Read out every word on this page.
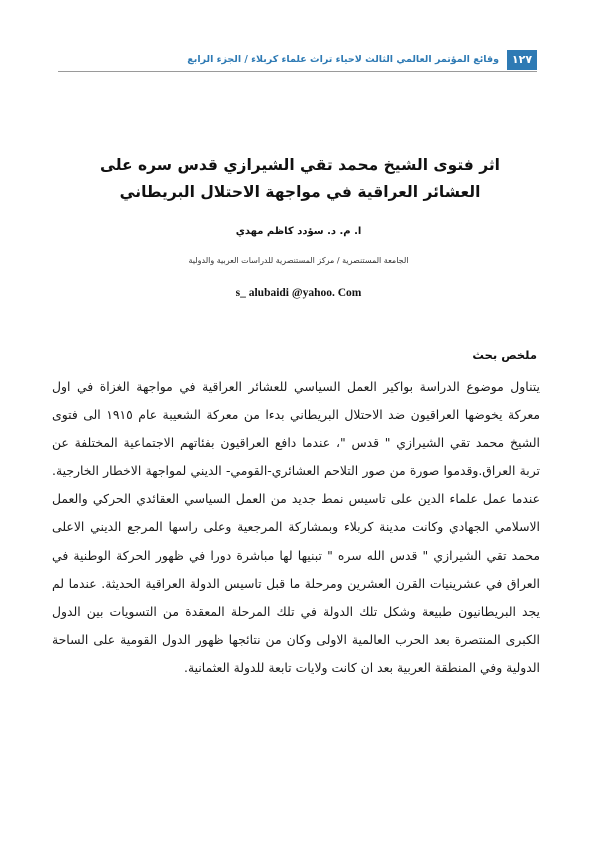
١٢٧
وقائع المؤتمر العالمي الثالث لاحياء تراث علماء كربلاء / الجزء الرابع
اثر فتوى الشيخ محمد تقي الشيرازي قدس سره على العشائر العراقية في مواجهة الاحتلال البريطاني
ا. م. د. سؤدد كاظم مهدي
الجامعة المستنصرية / مركز المستنصرية للدراسات العربية والدولية
s_ alubaidi @yahoo. Com
ملخص بحث
يتناول موضوع الدراسة بواكير العمل السياسي للعشائر العراقية في مواجهة الغزاة في اول معركة يخوضها العراقيون ضد الاحتلال البريطاني بدءا من معركة الشعيبة عام ١٩١٥ الى فتوى الشيخ محمد تقي الشيرازي " قدس "، عندما دافع العراقيون بفئاتهم الاجتماعية المختلفة عن تربة العراق.وقدموا صورة من صور التلاحم العشائري-القومي- الديني لمواجهة الاخطار الخارجية. عندما عمل علماء الدين على تاسيس نمط جديد من العمل السياسي العقائدي الحركي والعمل الاسلامي الجهادي وكانت مدينة كربلاء وبمشاركة المرجعية وعلى راسها المرجع الديني الاعلى محمد تقي الشيرازي " قدس الله سره " تبنيها لها مباشرة دورا في ظهور الحركة الوطنية في العراق في عشرينيات القرن العشرين ومرحلة ما قبل تاسيس الدولة العراقية الحديثة. عندما لم يجد البريطانيون طبيعة وشكل تلك الدولة في تلك المرحلة المعقدة من التسويات بين الدول الكبرى المنتصرة بعد الحرب العالمية الاولى وكان من نتائجها ظهور الدول القومية على الساحة الدولية وفي المنطقة العربية بعد ان كانت ولايات تابعة للدولة العثمانية.
